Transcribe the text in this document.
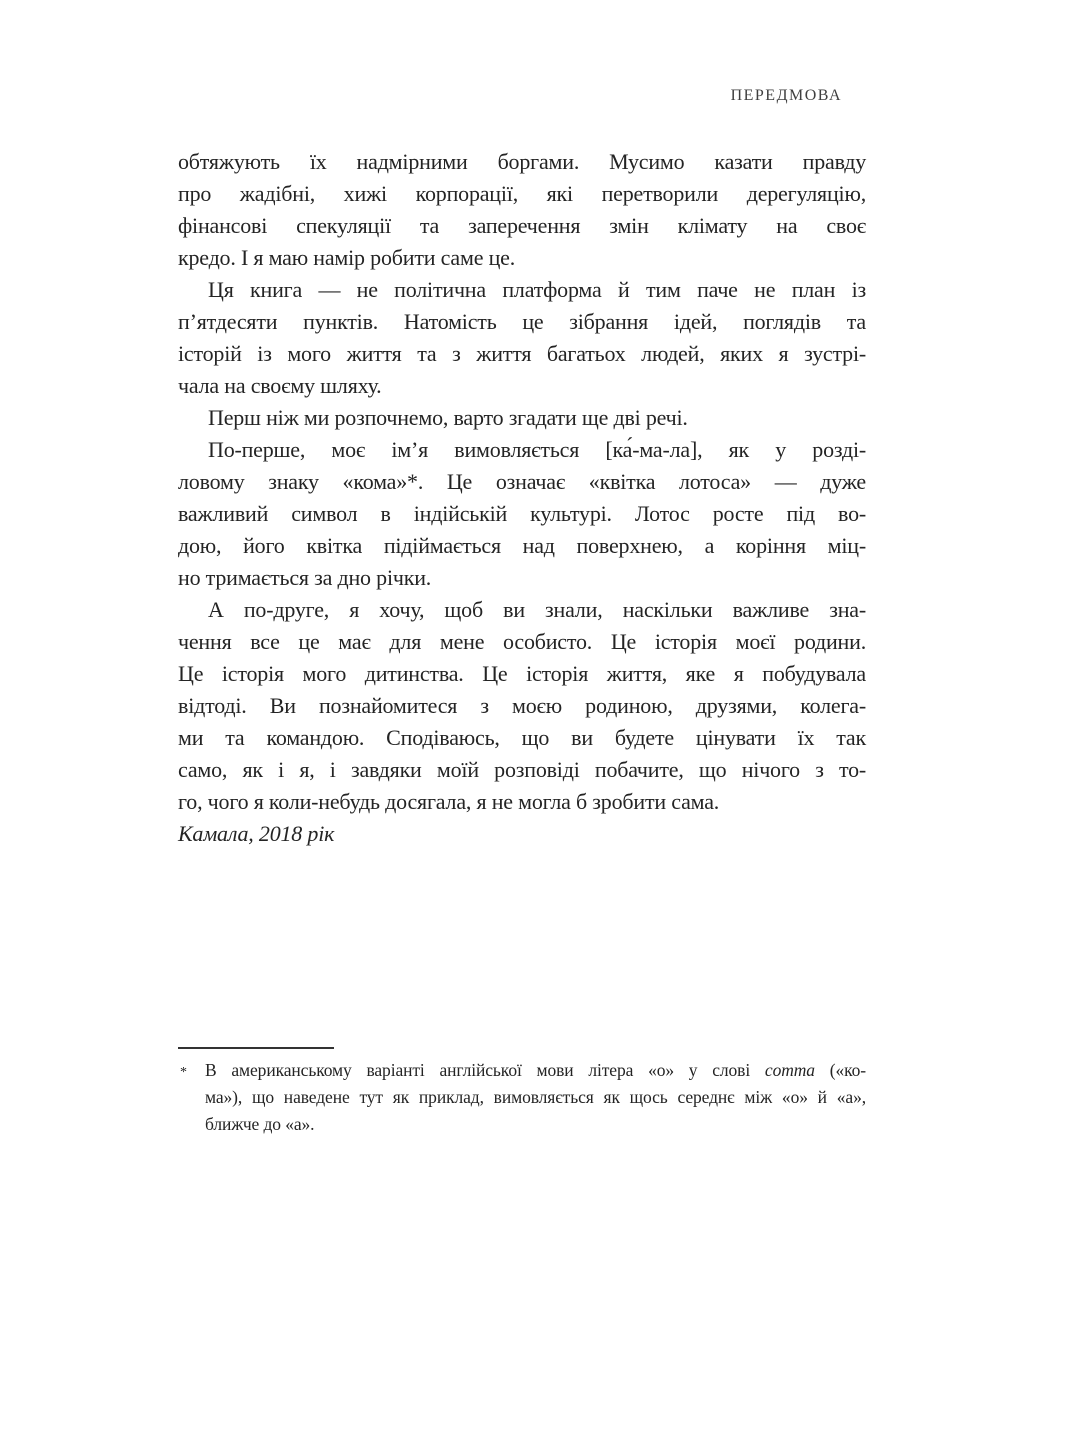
ПЕРЕДМОВА
обтяжують їх надмірними боргами. Мусимо казати правду
про жадібні, хижі корпорації, які перетворили дерегуляцію,
фінансові спекуляції та заперечення змін клімату на своє
кредо. І я маю намір робити саме це.
Ця книга — не політична платформа й тим паче не план із
п’ятдесяти пунктів. Натомість це зібрання ідей, поглядів та
історій із мого життя та з життя багатьох людей, яких я зустрі-
чала на своєму шляху.
Перш ніж ми розпочнемо, варто згадати ще дві речі.
По-перше, моє ім’я вимовляється [ка́-ма-ла], як у розді-
ловому знаку «кома»*. Це означає «квітка лотоса» — дуже
важливий символ в індійській культурі. Лотос росте під во-
дою, його квітка підіймається над поверхнею, а коріння міц-
но тримається за дно річки.
А по-друге, я хочу, щоб ви знали, наскільки важливе зна-
чення все це має для мене особисто. Це історія моєї родини.
Це історія мого дитинства. Це історія життя, яке я побудувала
відтоді. Ви познайомитеся з моєю родиною, друзями, колега-
ми та командою. Сподіваюсь, що ви будете цінувати їх так
само, як і я, і завдяки моїй розповіді побачите, що нічого з то-
го, чого я коли-небудь досягала, я не могла б зробити сама.
Камала, 2018 рік
* В американському варіанті англійської мови літера «о» у слові comma («ко-
ма»), що наведене тут як приклад, вимовляється як щось середнє між «о» й «а»,
ближче до «а».
